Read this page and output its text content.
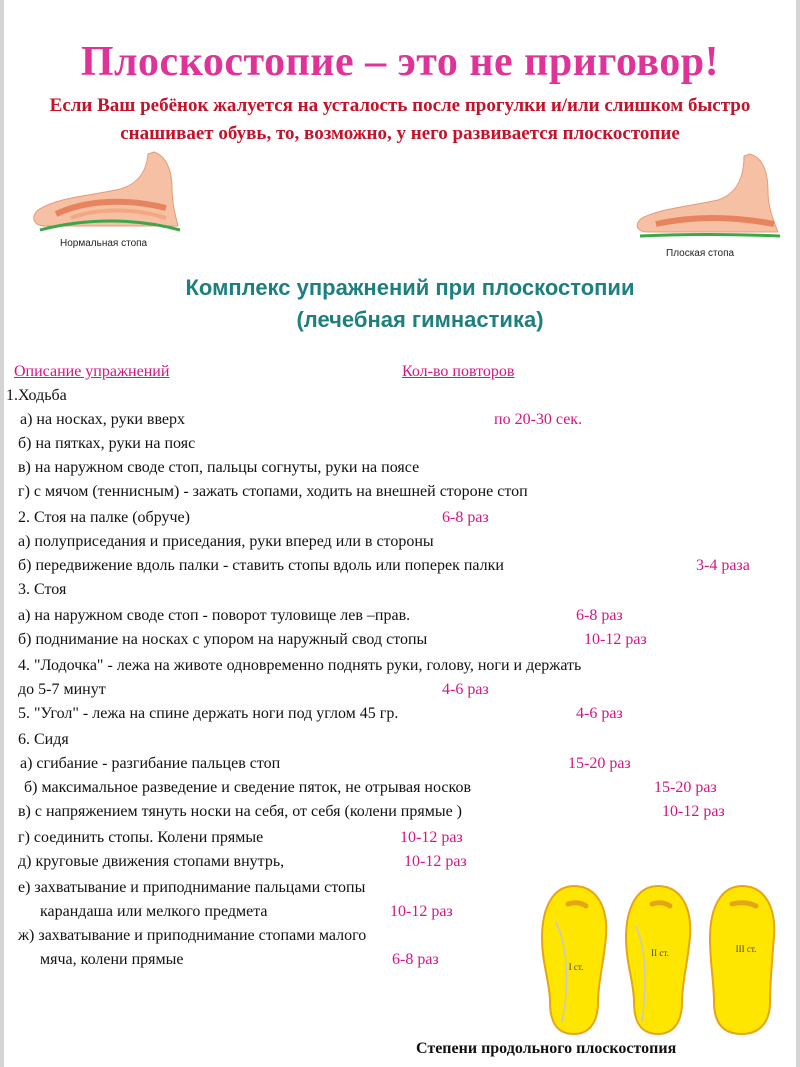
Плоскостопие – это не приговор!
Если Ваш ребёнок жалуется на усталость после прогулки и/или слишком быстро снашивает обувь, то, возможно, у него развивается плоскостопие
Нормальная стопа
Плоская стопа
Комплекс упражнений при плоскостопии
(лечебная гимнастика)
Описание упражнений	Кол-во повторов
1.Ходьба
а) на носках, руки вверх	по 20-30 сек.
б) на пятках, руки на пояс
в) на наружном своде стоп, пальцы согнуты, руки на поясе
г) с мячом (теннисным) - зажать стопами, ходить на внешней стороне стоп
2. Стоя на палке (обруче)	6-8 раз
а) полуприседания и приседания, руки вперед или в стороны
б) передвижение вдоль палки - ставить стопы вдоль или поперек палки	3-4 раза
3. Стоя
а) на наружном своде стоп - поворот туловище лев –прав.	6-8 раз
б) поднимание на носках с упором на наружный свод стопы	10-12 раз
4. "Лодочка" - лежа на животе одновременно поднять руки, голову, ноги и держать
до 5-7 минут	4-6 раз
5. "Угол" - лежа на спине держать ноги под углом 45 гр.	4-6 раз
6. Сидя
а) сгибание - разгибание пальцев стоп	15-20 раз
б) максимальное разведение и сведение пяток, не отрывая носков	15-20 раз
в) с напряжением тянуть носки на себя, от себя (колени прямые )	10-12 раз
г) соединить стопы. Колени прямые	10-12 раз
д) круговые движения стопами внутрь,	10-12 раз
е) захватывание и приподнимание пальцами стопы
карандаша или мелкого предмета	10-12 раз
ж) захватывание и приподнимание стопами малого
мяча, колени прямые	6-8 раз	I ст.
II ст.	III ст.
Степени продольного плоскостопия
